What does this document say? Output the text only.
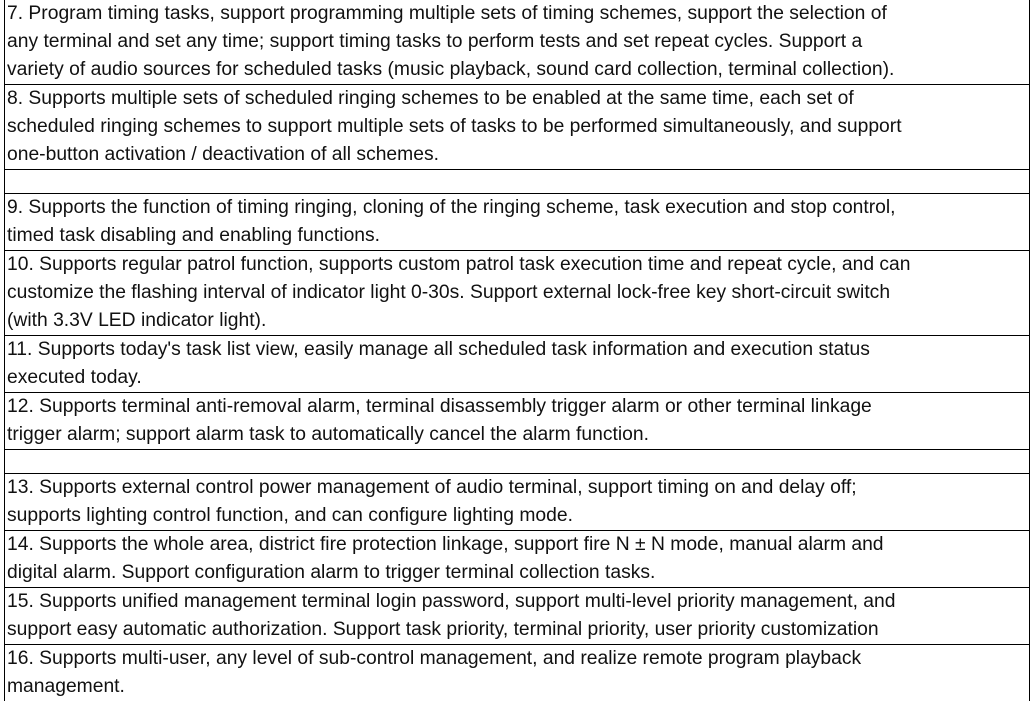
7. Program timing tasks, support programming multiple sets of timing schemes, support the selection of
any terminal and set any time; support timing tasks to perform tests and set repeat cycles. Support a
variety of audio sources for scheduled tasks (music playback, sound card collection, terminal collection).
8. Supports multiple sets of scheduled ringing schemes to be enabled at the same time, each set of
scheduled ringing schemes to support multiple sets of tasks to be performed simultaneously, and support
one-button activation / deactivation of all schemes.
9. Supports the function of timing ringing, cloning of the ringing scheme, task execution and stop control,
timed task disabling and enabling functions.
10. Supports regular patrol function, supports custom patrol task execution time and repeat cycle, and can
customize the flashing interval of indicator light 0-30s. Support external lock-free key short-circuit switch
(with 3.3V LED indicator light).
11. Supports today's task list view, easily manage all scheduled task information and execution status
executed today.
12. Supports terminal anti-removal alarm, terminal disassembly trigger alarm or other terminal linkage
trigger alarm; support alarm task to automatically cancel the alarm function.
13. Supports external control power management of audio terminal, support timing on and delay off;
supports lighting control function, and can configure lighting mode.
14. Supports the whole area, district fire protection linkage, support fire N ± N mode, manual alarm and
digital alarm. Support configuration alarm to trigger terminal collection tasks.
15. Supports unified management terminal login password, support multi-level priority management, and
support easy automatic authorization. Support task priority, terminal priority, user priority customization
16. Supports multi-user, any level of sub-control management, and realize remote program playback
management.
